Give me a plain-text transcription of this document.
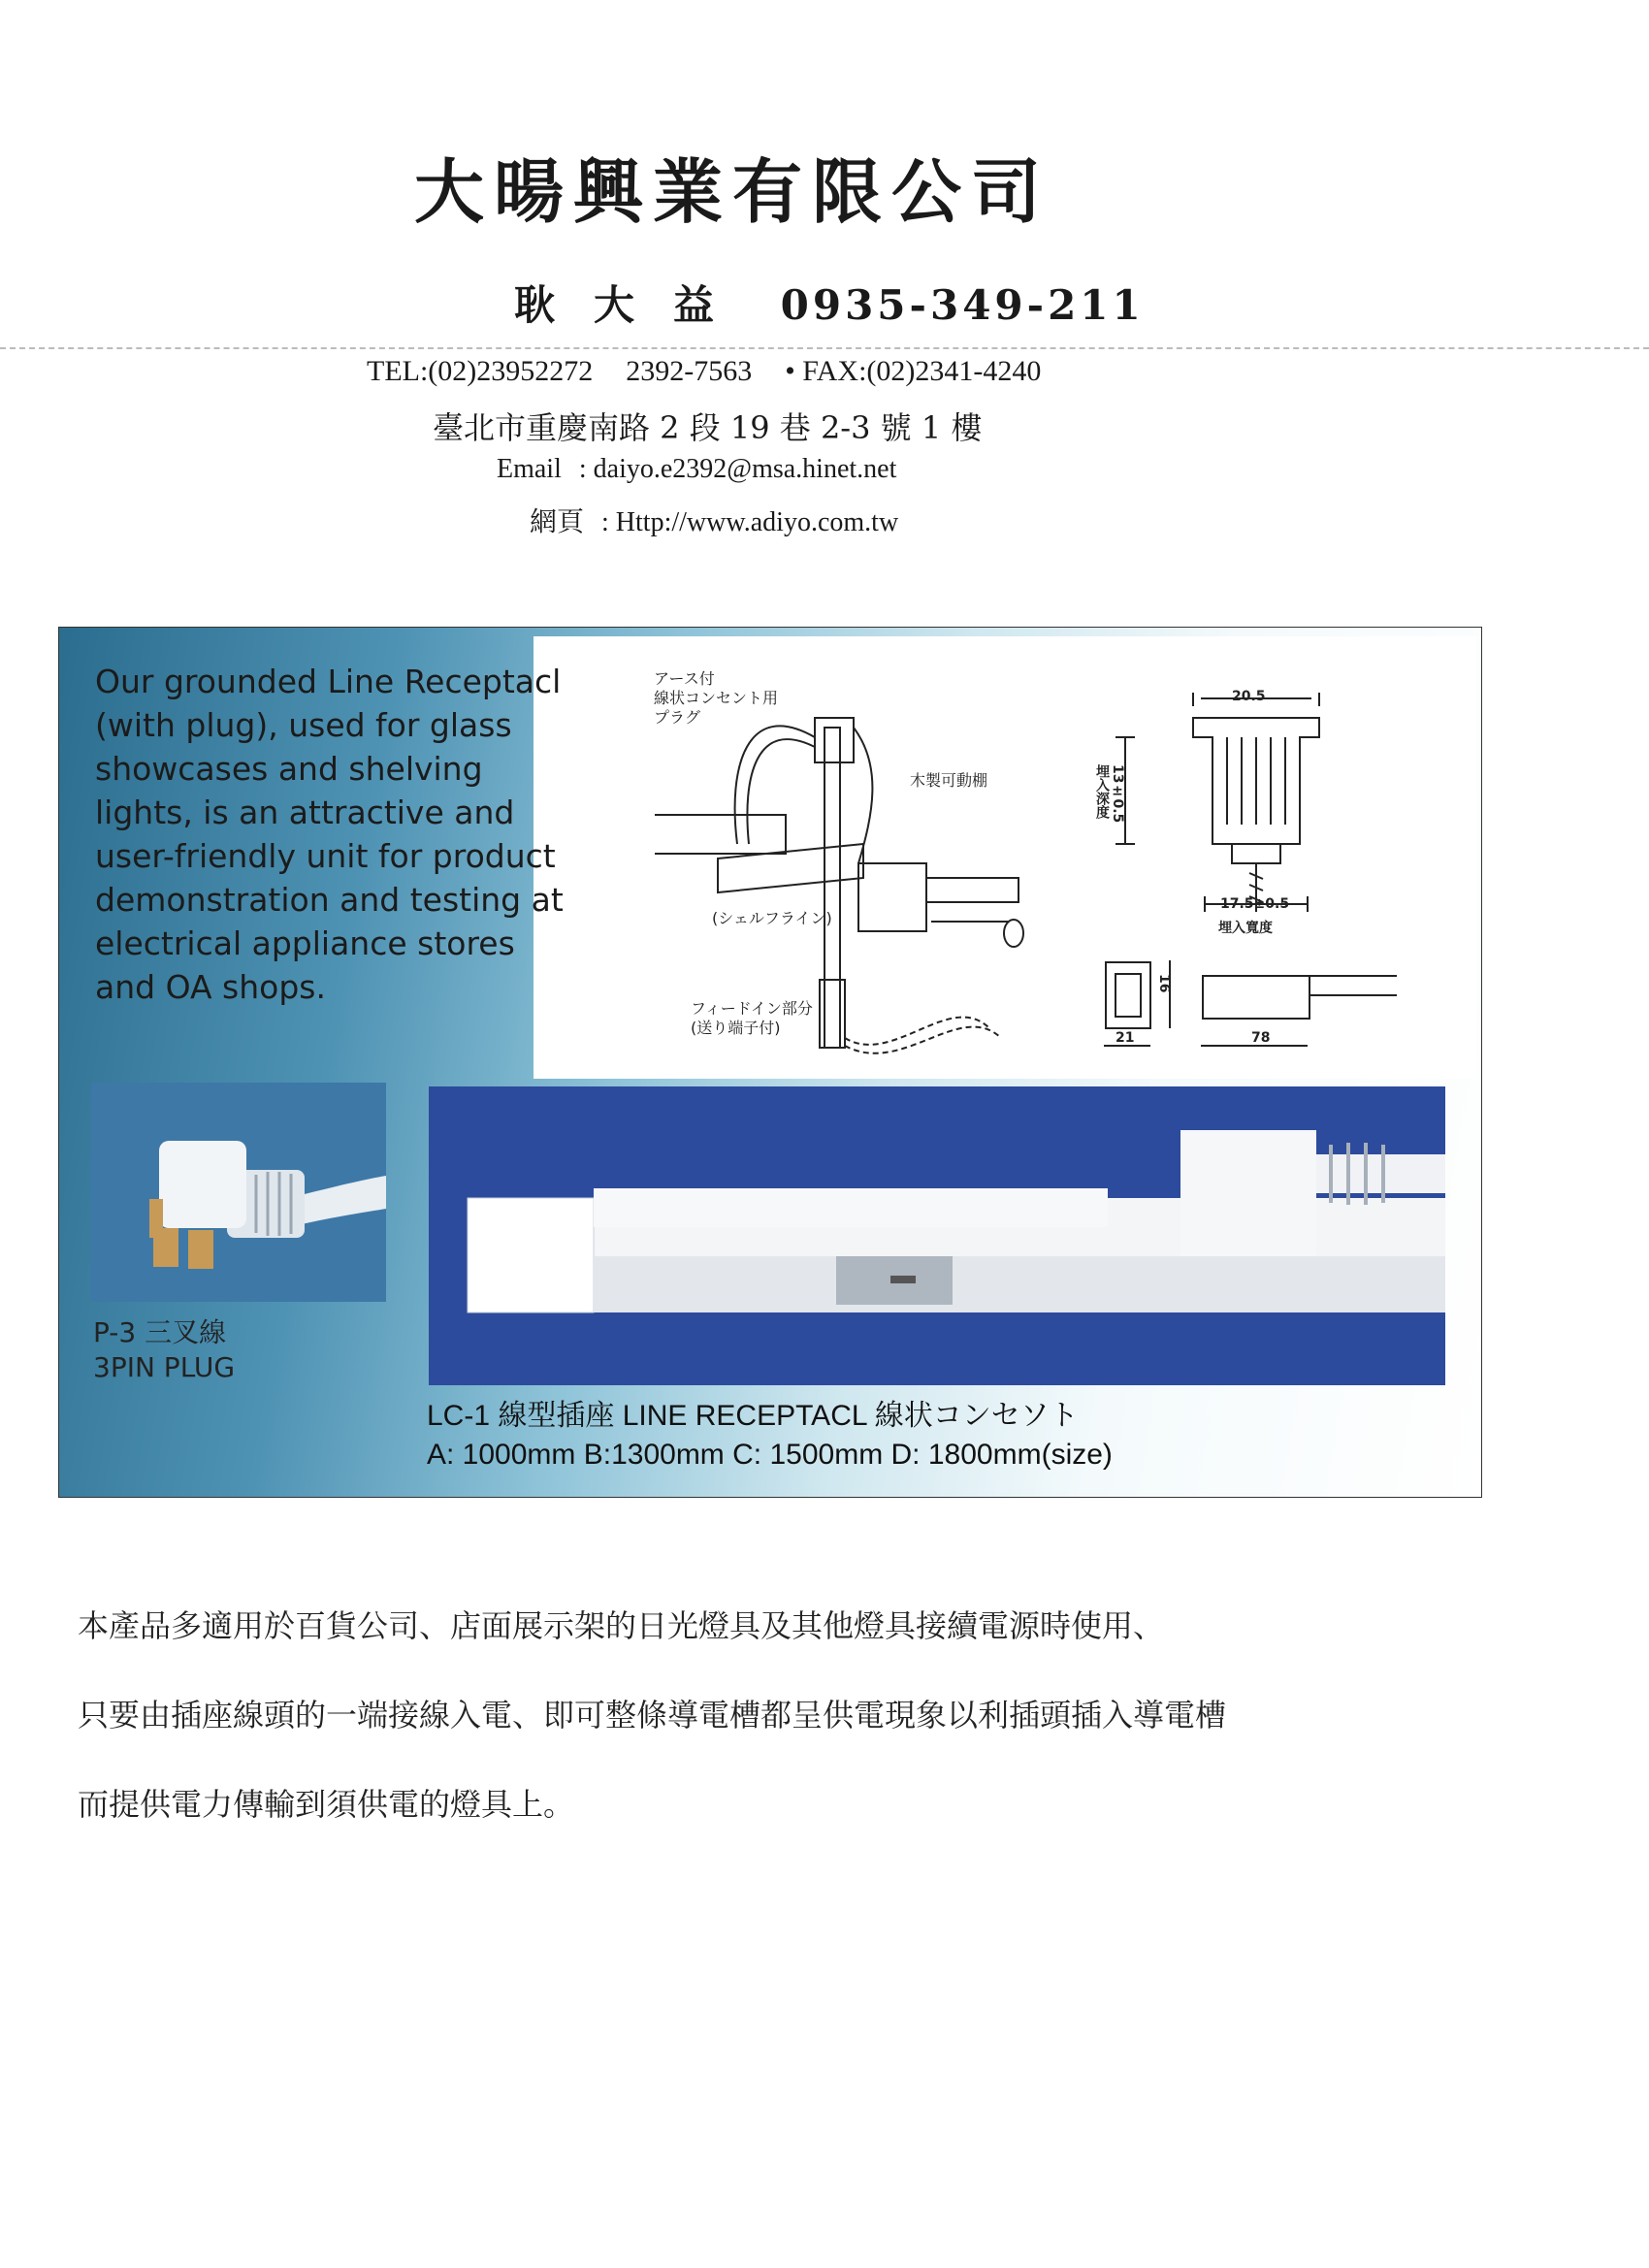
大暘興業有限公司
耿大益 0935-349-211
TEL:(02)23952272 2392-7563 • FAX:(02)2341-4240
臺北市重慶南路 2 段 19 巷 2-3 號 1 樓
Email : daiyo.e2392@msa.hinet.net
網頁 : Http://www.adiyo.com.tw
Our grounded Line Receptacl
(with plug), used for glass
showcases and shelving
lights, is an attractive and
user-friendly unit for product
demonstration and testing at
electrical appliance stores
and OA shops.
アース付
線状コンセント用
プラグ
木製可動棚
(シェルフライン)
フィードイン部分
(送り端子付)
20.5
埋入深度 13±0.5
17.5±0.5
埋入寬度
16
21	78
P-3 三叉線
3PIN PLUG
LC-1 線型插座 LINE RECEPTACL 線状コンセソト
A: 1000mm B:1300mm C: 1500mm D: 1800mm(size)
本產品多適用於百貨公司、店面展示架的日光燈具及其他燈具接續電源時使用、
只要由插座線頭的一端接線入電、即可整條導電槽都呈供電現象以利插頭插入導電槽
而提供電力傳輸到須供電的燈具上。
